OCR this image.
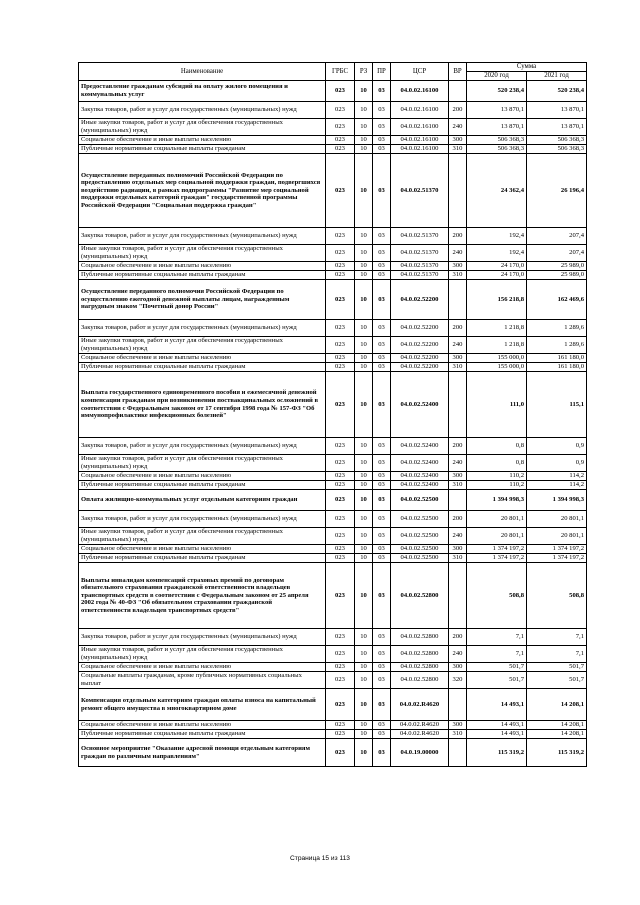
Наименование	ГРБС	РЗ	ПР	ЦСР	ВР	Сумма	
						2020 год	2021 год
Предоставление гражданам субсидий на оплату жилого помещения и коммунальных услуг	023	10	03	04.0.02.16100		520 238,4	520 238,4
Закупка товаров, работ и услуг для государственных (муниципальных) нужд	023	10	03	04.0.02.16100	200	13 870,1	13 870,1
Иные закупки товаров, работ и услуг для обеспечения государственных (муниципальных) нужд	023	10	03	04.0.02.16100	240	13 870,1	13 870,1
Социальное обеспечение и иные выплаты населению	023	10	03	04.0.02.16100	300	506 368,3	506 368,3
Публичные нормативные социальные выплаты гражданам	023	10	03	04.0.02.16100	310	506 368,3	506 368,3
Осуществление переданных полномочий Российской Федерации по предоставлению отдельных мер социальной поддержки граждан, подвергшихся воздействию радиации, в рамках подпрограммы "Развитие мер социальной поддержки отдельных категорий граждан" государственной программы Российской Федерации "Социальная поддержка граждан"	023	10	03	04.0.02.51370		24 362,4	26 196,4
Закупка товаров, работ и услуг для государственных (муниципальных) нужд	023	10	03	04.0.02.51370	200	192,4	207,4
Иные закупки товаров, работ и услуг для обеспечения государственных (муниципальных) нужд	023	10	03	04.0.02.51370	240	192,4	207,4
Социальное обеспечение и иные выплаты населению	023	10	03	04.0.02.51370	300	24 170,0	25 989,0
Публичные нормативные социальные выплаты гражданам	023	10	03	04.0.02.51370	310	24 170,0	25 989,0
Осуществление переданного полномочия Российской Федерации по осуществлению ежегодной денежной выплаты лицам, награжденным нагрудным знаком "Почетный донор России"	023	10	03	04.0.02.52200		156 218,8	162 469,6
Закупка товаров, работ и услуг для государственных (муниципальных) нужд	023	10	03	04.0.02.52200	200	1 218,8	1 289,6
Иные закупки товаров, работ и услуг для обеспечения государственных (муниципальных) нужд	023	10	03	04.0.02.52200	240	1 218,8	1 289,6
Социальное обеспечение и иные выплаты населению	023	10	03	04.0.02.52200	300	155 000,0	161 180,0
Публичные нормативные социальные выплаты гражданам	023	10	03	04.0.02.52200	310	155 000,0	161 180,0
Выплата государственного единовременного пособия и ежемесячной денежной компенсации гражданам при возникновении поствакцинальных осложнений в соответствии с Федеральным законом от 17 сентября 1998 года № 157-ФЗ "Об иммунопрофилактике инфекционных болезней"	023	10	03	04.0.02.52400		111,0	115,1
Закупка товаров, работ и услуг для государственных (муниципальных) нужд	023	10	03	04.0.02.52400	200	0,8	0,9
Иные закупки товаров, работ и услуг для обеспечения государственных (муниципальных) нужд	023	10	03	04.0.02.52400	240	0,8	0,9
Социальное обеспечение и иные выплаты населению	023	10	03	04.0.02.52400	300	110,2	114,2
Публичные нормативные социальные выплаты гражданам	023	10	03	04.0.02.52400	310	110,2	114,2
Оплата жилищно-коммунальных услуг отдельным категориям граждан	023	10	03	04.0.02.52500		1 394 998,3	1 394 998,3
Закупка товаров, работ и услуг для государственных (муниципальных) нужд	023	10	03	04.0.02.52500	200	20 801,1	20 801,1
Иные закупки товаров, работ и услуг для обеспечения государственных (муниципальных) нужд	023	10	03	04.0.02.52500	240	20 801,1	20 801,1
Социальное обеспечение и иные выплаты населению	023	10	03	04.0.02.52500	300	1 374 197,2	1 374 197,2
Публичные нормативные социальные выплаты гражданам	023	10	03	04.0.02.52500	310	1 374 197,2	1 374 197,2
Выплаты инвалидам компенсаций страховых премий по договорам обязательного страхования гражданской ответственности владельцев транспортных средств в соответствии с Федеральным законом от 25 апреля 2002 года № 40-ФЗ "Об обязательном страховании гражданской ответственности владельцев транспортных средств"	023	10	03	04.0.02.52800		508,8	508,8
Закупка товаров, работ и услуг для государственных (муниципальных) нужд	023	10	03	04.0.02.52800	200	7,1	7,1
Иные закупки товаров, работ и услуг для обеспечения государственных (муниципальных) нужд	023	10	03	04.0.02.52800	240	7,1	7,1
Социальное обеспечение и иные выплаты населению	023	10	03	04.0.02.52800	300	501,7	501,7
Социальные выплаты гражданам, кроме публичных нормативных социальных выплат	023	10	03	04.0.02.52800	320	501,7	501,7
Компенсация отдельным категориям граждан оплаты взноса на капитальный ремонт общего имущества в многоквартирном доме	023	10	03	04.0.02.R4620		14 493,1	14 208,1
Социальное обеспечение и иные выплаты населению	023	10	03	04.0.02.R4620	300	14 493,1	14 208,1
Публичные нормативные социальные выплаты гражданам	023	10	03	04.0.02.R4620	310	14 493,1	14 208,1
Основное мероприятие "Оказание адресной помощи отдельным категориям граждан по различным направлениям"	023	10	03	04.0.19.00000		115 319,2	115 319,2
Страница 15 из 113
